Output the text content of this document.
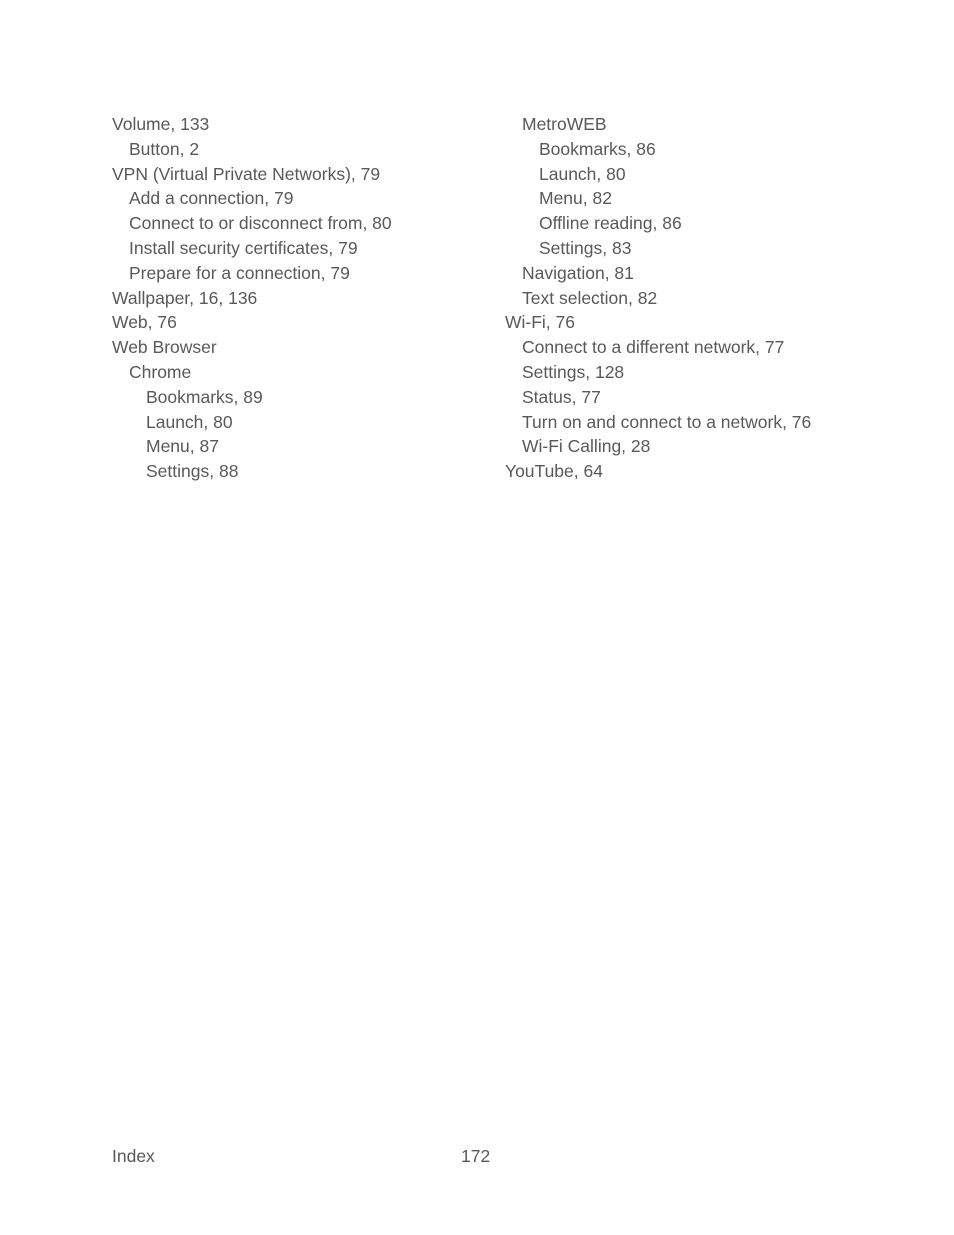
Volume, 133
Button, 2
VPN (Virtual Private Networks), 79
Add a connection, 79
Connect to or disconnect from, 80
Install security certificates, 79
Prepare for a connection, 79
Wallpaper, 16, 136
Web, 76
Web Browser
Chrome
Bookmarks, 89
Launch, 80
Menu, 87
Settings, 88
MetroWEB
Bookmarks, 86
Launch, 80
Menu, 82
Offline reading, 86
Settings, 83
Navigation, 81
Text selection, 82
Wi-Fi, 76
Connect to a different network, 77
Settings, 128
Status, 77
Turn on and connect to a network, 76
Wi-Fi Calling, 28
YouTube, 64
Index	172
